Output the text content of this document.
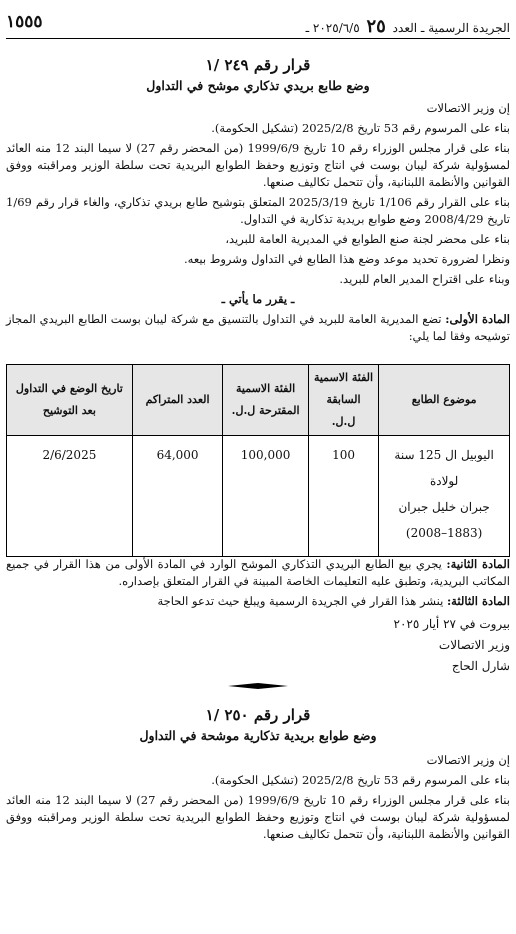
١٥٥٥	الجريدة الرسمية ـ العدد ٢٥ ٢٠٢٥/٦/٥ ـ
قرار رقم ٢٤٩ /١
وضع طابع بريدي تذكاري موشح في التداول

إن وزير الاتصالات

بناء على المرسوم رقم 53 تاريخ 2025/2/8 (تشكيل الحكومة).

بناء على قرار مجلس الوزراء رقم 10 تاريخ 1999/6/9 (من المحضر رقم 27) لا سيما البند 12 منه العائد لمسؤولية شركة ليبان بوست في انتاج وتوزيع وحفظ الطوابع البريدية تحت سلطة الوزير ومراقبته ووفق القوانين والأنظمة اللبنانية، وأن تتحمل تكاليف صنعها.

بناء على القرار رقم 1/106 تاريخ 2025/3/19 المتعلق بتوشيح طابع بريدي تذكاري، والغاء قرار رقم 1/69 تاريخ 2008/4/29 وضع طوابع بريدية تذكارية في التداول.

بناء على محضر لجنة صنع الطوابع في المديرية العامة للبريد،

ونظرا لضرورة تحديد موعد وضع هذا الطابع في التداول وشروط بيعه.

وبناء على اقتراح المدير العام للبريد.

ـ يقرر ما يأتي ـ

المادة الأولى: تضع المديرية العامة للبريد في التداول بالتنسيق مع شركة ليبان بوست الطابع البريدي المجاز توشيحه وفقا لما يلي:

موضوع الطابع	الفئة الاسمية السابقة ل.ل.	الفئة الاسمية المقترحة ل.ل.	العدد المتراكم	تاريخ الوضع في التداول بعد التوشيح

اليوبيل ال 125 سنة لولادة
جبران خليل جبران
(1883–2008)	100	100,000	64,000	2/6/2025

المادة الثانية: يجري بيع الطابع البريدي التذكاري الموشح الوارد في المادة الأولى من هذا القرار في جميع المكاتب البريدية، وتطبق عليه التعليمات الخاصة المبينة في القرار المتعلق بإصداره.

المادة الثالثة: ينشر هذا القرار في الجريدة الرسمية ويبلغ حيث تدعو الحاجة

بيروت في ٢٧ أيار ٢٠٢٥
وزير الاتصالات
شارل الحاج
قرار رقم ٢٥٠ /١
وضع طوابع بريدية تذكارية موشحة في التداول

إن وزير الاتصالات

بناء على المرسوم رقم 53 تاريخ 2025/2/8 (تشكيل الحكومة).

بناء على قرار مجلس الوزراء رقم 10 تاريخ 1999/6/9 (من المحضر رقم 27) لا سيما البند 12 منه العائد لمسؤولية شركة ليبان بوست في انتاج وتوزيع وحفظ الطوابع البريدية تحت سلطة الوزير ومراقبته ووفق القوانين والأنظمة اللبنانية، وأن تتحمل تكاليف صنعها.
